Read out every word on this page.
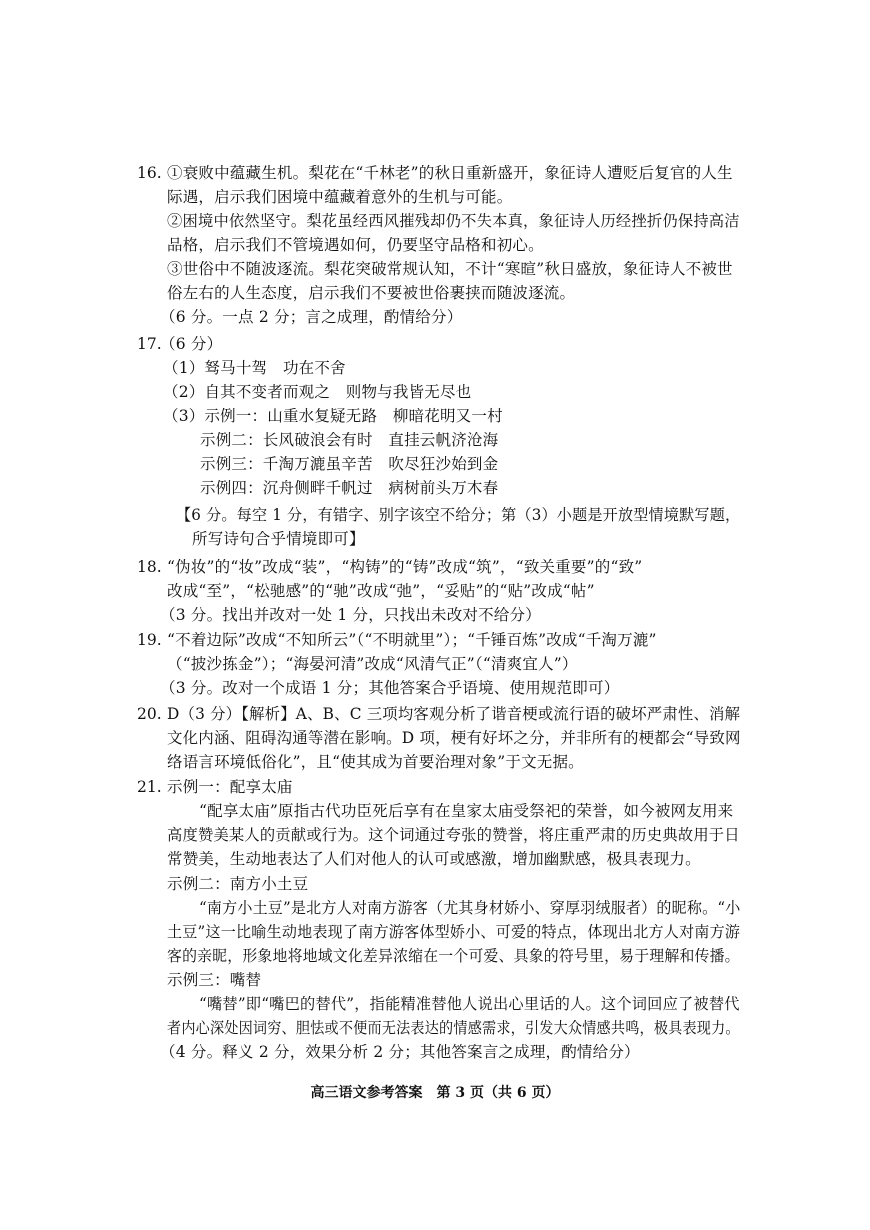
16. ①衰败中蕴藏生机。梨花在“千林老”的秋日重新盛开，象征诗人遭贬后复官的人生
际遇，启示我们困境中蕴藏着意外的生机与可能。
②困境中依然坚守。梨花虽经西风摧残却仍不失本真，象征诗人历经挫折仍保持高洁
品格，启示我们不管境遇如何，仍要坚守品格和初心。
③世俗中不随波逐流。梨花突破常规认知，不计“寒暄”秋日盛放，象征诗人不被世
俗左右的人生态度，启示我们不要被世俗裹挟而随波逐流。
（6 分。一点 2 分；言之成理，酌情给分）
17.
（6 分）
（1）驽马十驾　功在不舍
（2）自其不变者而观之　则物与我皆无尽也
（3）示例一：山重水复疑无路　柳暗花明又一村
示例二：长风破浪会有时　直挂云帆济沧海
示例三：千淘万漉虽辛苦　吹尽狂沙始到金
示例四：沉舟侧畔千帆过　病树前头万木春
【6 分。每空 1 分，有错字、别字该空不给分；第（3）小题是开放型情境默写题，
所写诗句合乎情境即可】
18. “伪妆”的“妆”改成“装”，“构铸”的“铸”改成“筑”，“致关重要”的“致”
改成“至”，“松驰感”的“驰”改成“弛”，“妥贴”的“贴”改成“帖”
（3 分。找出并改对一处 1 分，只找出未改对不给分）
19. “不着边际”改成“不知所云”（“不明就里”）；“千锤百炼”改成“千淘万漉”
（“披沙拣金”）；“海晏河清”改成“风清气正”（“清爽宜人”）
（3 分。改对一个成语 1 分；其他答案合乎语境、使用规范即可）
20. D（3 分）【解析】A、B、C 三项均客观分析了谐音梗或流行语的破坏严肃性、消解
文化内涵、阻碍沟通等潜在影响。D 项，梗有好坏之分，并非所有的梗都会“导致网
络语言环境低俗化”，且“使其成为首要治理对象”于文无据。
21. 示例一：配享太庙
“配享太庙”原指古代功臣死后享有在皇家太庙受祭祀的荣誉，如今被网友用来
高度赞美某人的贡献或行为。这个词通过夸张的赞誉，将庄重严肃的历史典故用于日
常赞美，生动地表达了人们对他人的认可或感激，增加幽默感，极具表现力。
示例二：南方小土豆
“南方小土豆”是北方人对南方游客（尤其身材娇小、穿厚羽绒服者）的昵称。“小
土豆”这一比喻生动地表现了南方游客体型娇小、可爱的特点，体现出北方人对南方游
客的亲昵，形象地将地域文化差异浓缩在一个可爱、具象的符号里，易于理解和传播。
示例三：嘴替
“嘴替”即“嘴巴的替代”，指能精准替他人说出心里话的人。这个词回应了被替代
者内心深处因词穷、胆怯或不便而无法表达的情感需求，引发大众情感共鸣，极具表现力。
（4 分。释义 2 分，效果分析 2 分；其他答案言之成理，酌情给分）
高三语文参考答案　第 3 页（共 6 页）
